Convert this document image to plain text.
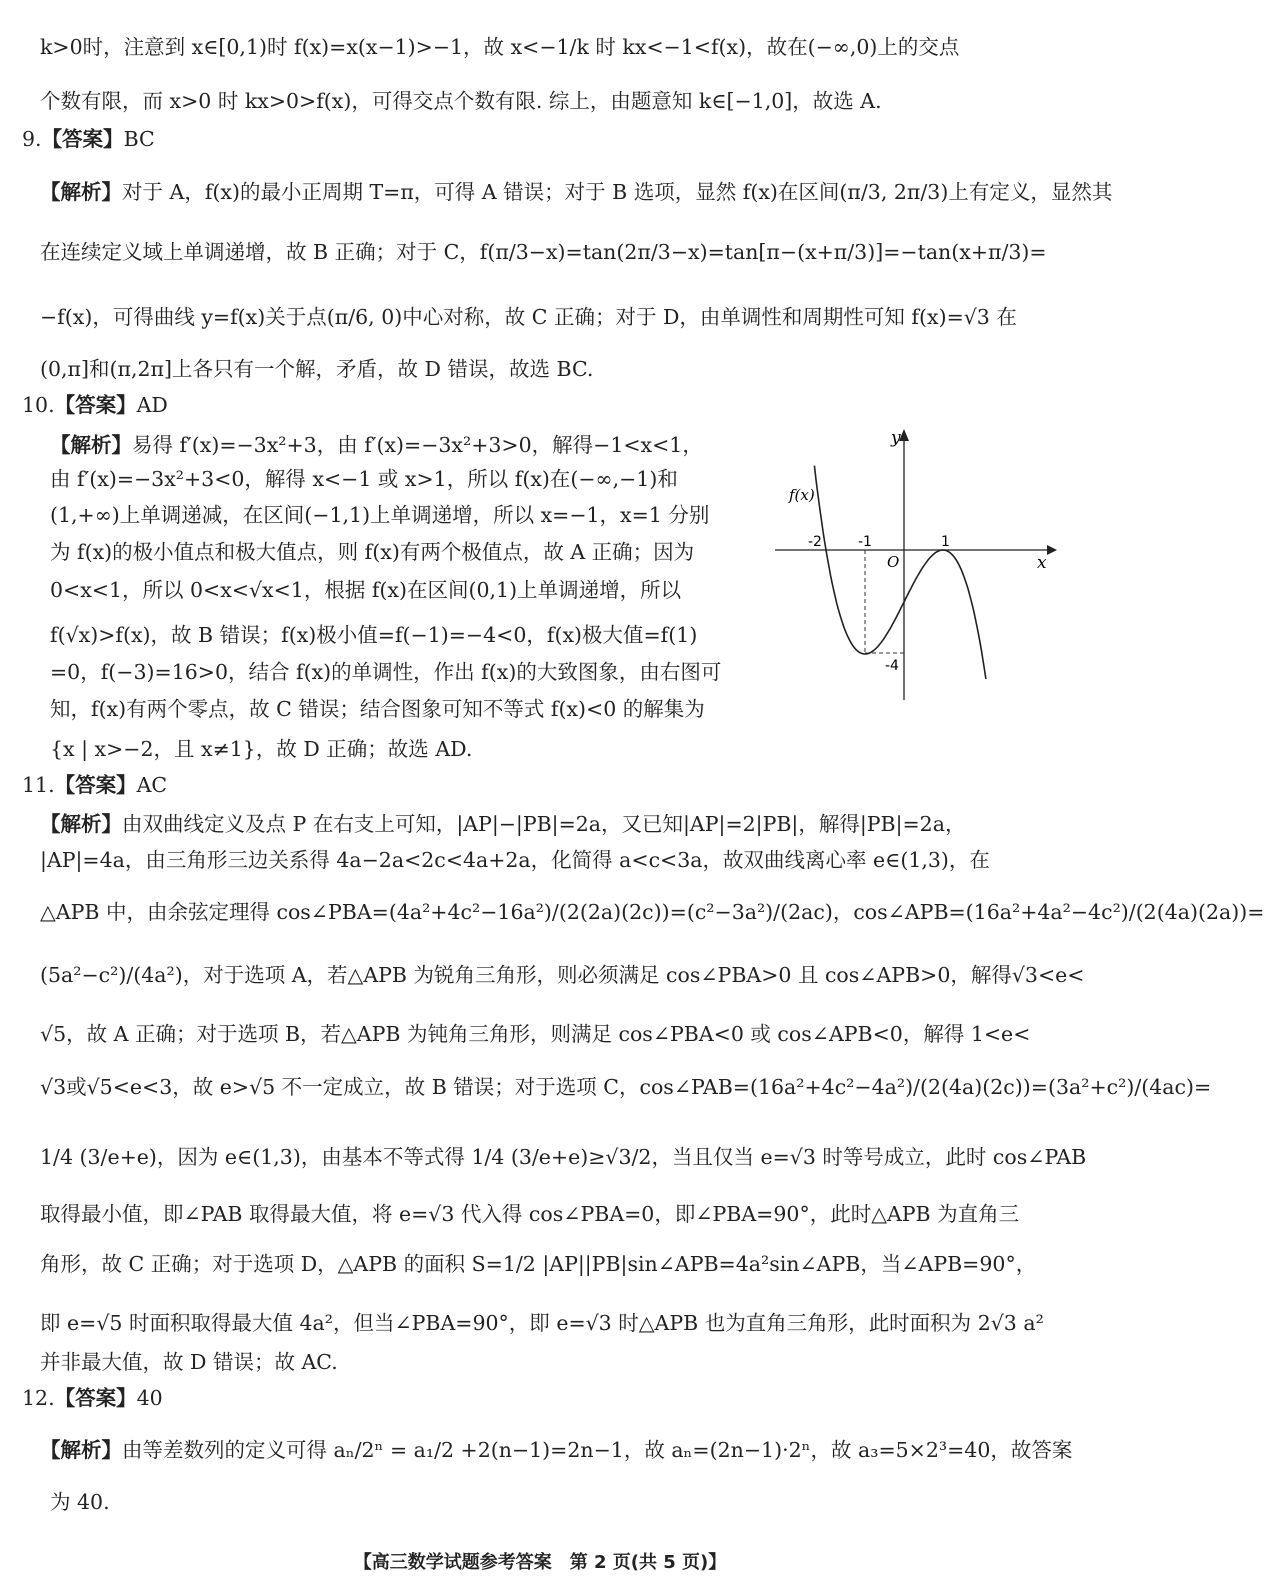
k>0时，注意到 x∈[0,1)时 f(x)=x(x−1)>−1，故 x<−1/k 时 kx<−1<f(x)，故在(−∞,0)上的交点
个数有限，而 x>0 时 kx>0>f(x)，可得交点个数有限. 综上，由题意知 k∈[−1,0]，故选 A.
9.【答案】BC
【解析】对于 A，f(x)的最小正周期 T=π，可得 A 错误；对于 B 选项，显然 f(x)在区间(π/3, 2π/3)上有定义，显然其
在连续定义域上单调递增，故 B 正确；对于 C，f(π/3−x)=tan(2π/3−x)=tan[π−(x+π/3)]=−tan(x+π/3)=
−f(x)，可得曲线 y=f(x)关于点(π/6, 0)中心对称，故 C 正确；对于 D，由单调性和周期性可知 f(x)=√3 在
(0,π]和(π,2π]上各只有一个解，矛盾，故 D 错误，故选 BC.
10.【答案】AD
【解析】易得 f′(x)=−3x²+3，由 f′(x)=−3x²+3>0，解得−1<x<1，
由 f′(x)=−3x²+3<0，解得 x<−1 或 x>1，所以 f(x)在(−∞,−1)和
(1,+∞)上单调递减，在区间(−1,1)上单调递增，所以 x=−1，x=1 分别
为 f(x)的极小值点和极大值点，则 f(x)有两个极值点，故 A 正确；因为
0<x<1，所以 0<x<√x<1，根据 f(x)在区间(0,1)上单调递增，所以
f(√x)>f(x)，故 B 错误；f(x)极小值=f(−1)=−4<0，f(x)极大值=f(1)
=0，f(−3)=16>0，结合 f(x)的单调性，作出 f(x)的大致图象，由右图可
知，f(x)有两个零点，故 C 错误；结合图象可知不等式 f(x)<0 的解集为
{x | x>−2，且 x≠1}，故 D 正确；故选 AD.
y
x
f(x)
O
-2	-1	1
-4
11.【答案】AC
【解析】由双曲线定义及点 P 在右支上可知，|AP|−|PB|=2a，又已知|AP|=2|PB|，解得|PB|=2a，
|AP|=4a，由三角形三边关系得 4a−2a<2c<4a+2a，化简得 a<c<3a，故双曲线离心率 e∈(1,3)，在
△APB 中，由余弦定理得 cos∠PBA=(4a²+4c²−16a²)/(2(2a)(2c))=(c²−3a²)/(2ac)，cos∠APB=(16a²+4a²−4c²)/(2(4a)(2a))=
(5a²−c²)/(4a²)，对于选项 A，若△APB 为锐角三角形，则必须满足 cos∠PBA>0 且 cos∠APB>0，解得√3<e<
√5，故 A 正确；对于选项 B，若△APB 为钝角三角形，则满足 cos∠PBA<0 或 cos∠APB<0，解得 1<e<
√3或√5<e<3，故 e>√5 不一定成立，故 B 错误；对于选项 C，cos∠PAB=(16a²+4c²−4a²)/(2(4a)(2c))=(3a²+c²)/(4ac)=
1/4 (3/e+e)，因为 e∈(1,3)，由基本不等式得 1/4 (3/e+e)≥√3/2，当且仅当 e=√3 时等号成立，此时 cos∠PAB
取得最小值，即∠PAB 取得最大值，将 e=√3 代入得 cos∠PBA=0，即∠PBA=90°，此时△APB 为直角三
角形，故 C 正确；对于选项 D，△APB 的面积 S=1/2 |AP||PB|sin∠APB=4a²sin∠APB，当∠APB=90°，
即 e=√5 时面积取得最大值 4a²，但当∠PBA=90°，即 e=√3 时△APB 也为直角三角形，此时面积为 2√3 a²
并非最大值，故 D 错误；故 AC.
12.【答案】40
【解析】由等差数列的定义可得 aₙ/2ⁿ = a₁/2 +2(n−1)=2n−1，故 aₙ=(2n−1)·2ⁿ，故 a₃=5×2³=40，故答案
为 40.
【高三数学试题参考答案　第 2 页(共 5 页)】
